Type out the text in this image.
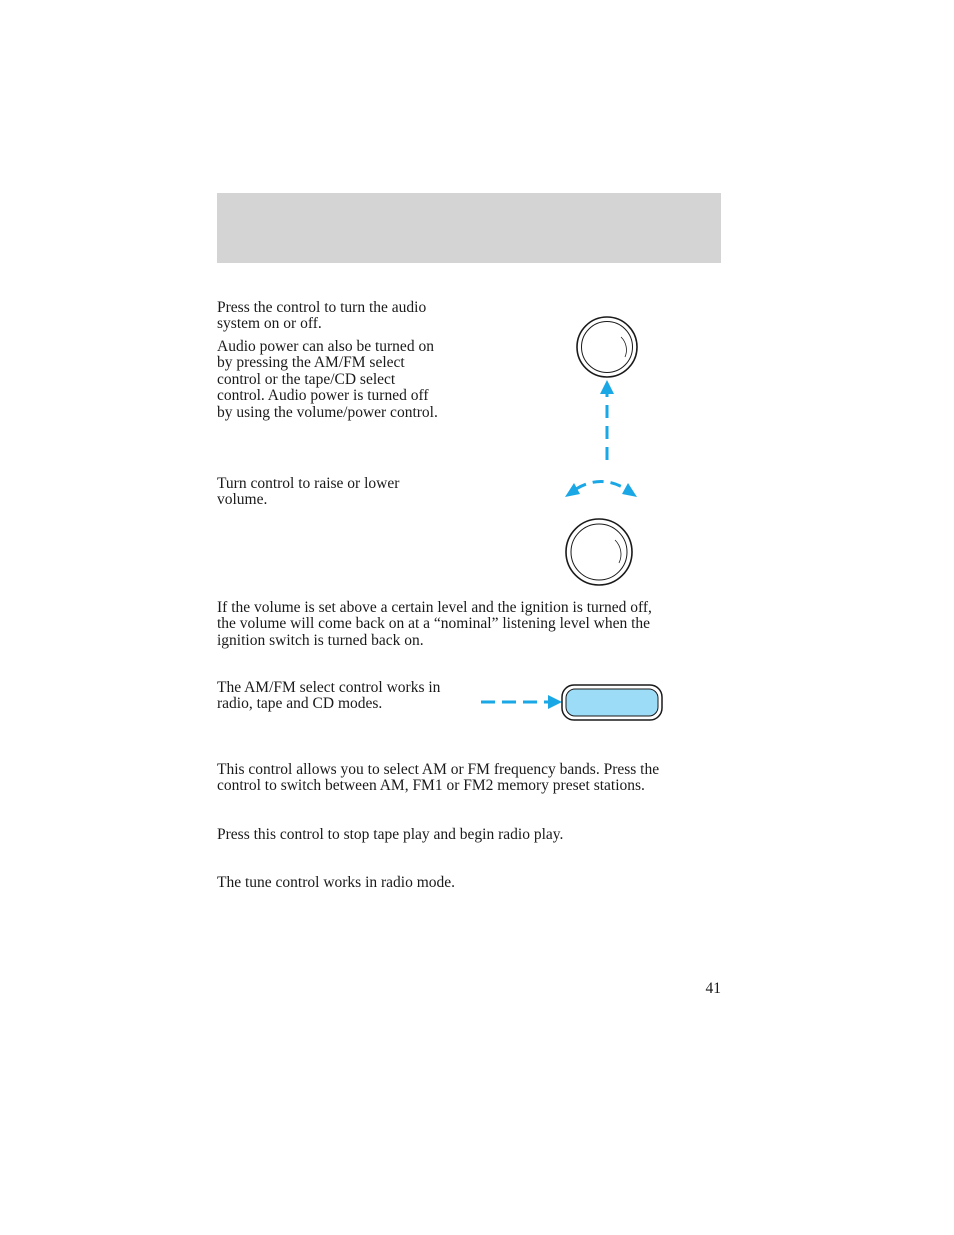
Press the control to turn the audio
system on or off.

Audio power can also be turned on
by pressing the AM/FM select
control or the tape/CD select
control. Audio power is turned off
by using the volume/power control.

Turn control to raise or lower
volume.

If the volume is set above a certain level and the ignition is turned off,
the volume will come back on at a “nominal” listening level when the
ignition switch is turned back on.

The AM/FM select control works in
radio, tape and CD modes.

This control allows you to select AM or FM frequency bands. Press the
control to switch between AM, FM1 or FM2 memory preset stations.

Press this control to stop tape play and begin radio play.

The tune control works in radio mode.

41
